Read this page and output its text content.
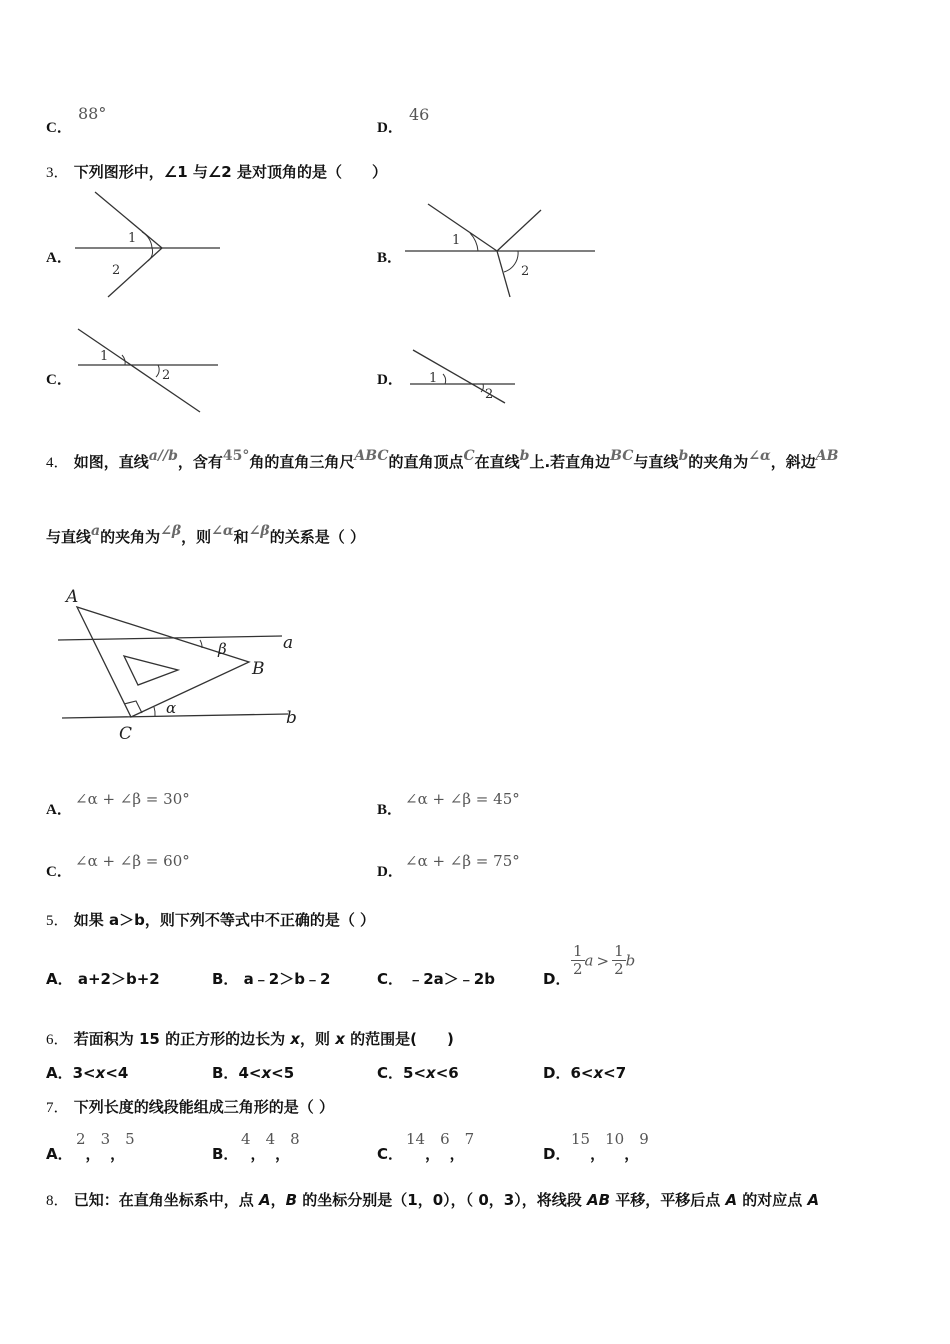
C．
88°
D．
46
3． 下列图形中，∠1 与∠2 是对顶角的是（　　）
A．
1
2
B．
1
2
C．
1
2	D． 1
2
4． 如图，直线a//b，含有45°角的直角三角尺ABC的直角顶点C在直线b上.若直角边BC与直线b的夹角为∠α，斜边AB
与直线a的夹角为∠β，则∠α和∠β的关系是（ ）
A
B
C
a
b
α
β
A．
∠α + ∠β = 30°
B．
∠α + ∠β = 45°
C．
∠α + ∠β = 60°
D．
∠α + ∠β = 75°
5． 如果 a＞b，则下列不等式中不正确的是（ ）
A． a+2＞b+2	B． a﹣2＞b﹣2	C． ﹣2a＞﹣2b	D．
$\frac{1}{2}a > \frac{1}{2}b$
6． 若面积为 15 的正方形的边长为 x，则 x 的范围是(　　)
A．3<x<4	B．4<x<5	C．5<x<6	D．6<x<7
7． 下列长度的线段能组成三角形的是（ ）
A．
2，3，5
B．
4，4，8
C．
14，6，7
D．
15，10，9
8． 已知：在直角坐标系中，点 A，B 的坐标分别是（1，0），（ 0，3），将线段 AB 平移，平移后点 A 的对应点 A
